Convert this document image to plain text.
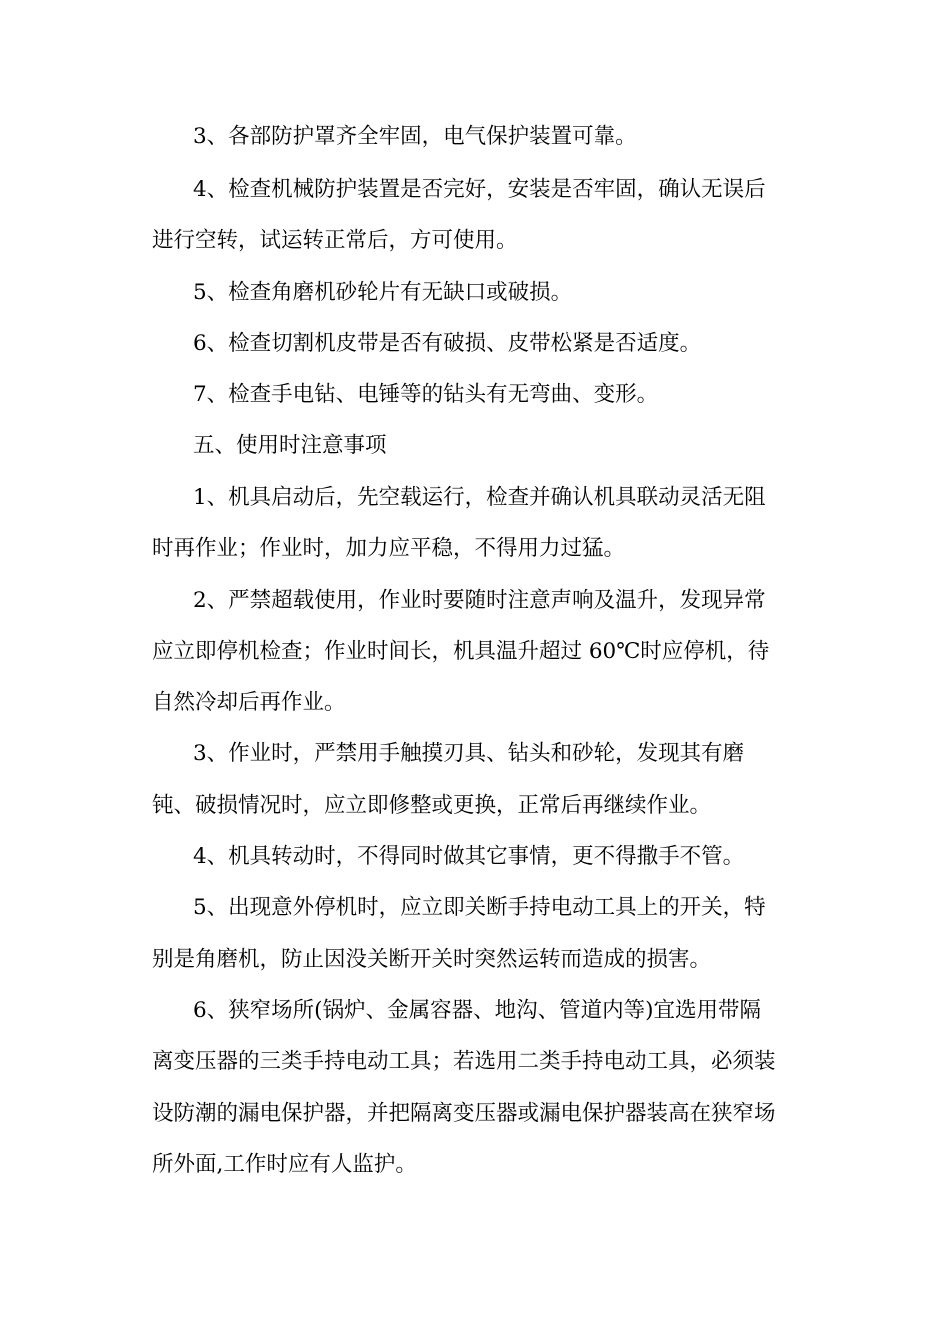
3、各部防护罩齐全牢固，电气保护装置可靠。
4、检查机械防护装置是否完好，安装是否牢固，确认无误后
进行空转，试运转正常后，方可使用。
5、检查角磨机砂轮片有无缺口或破损。
6、检查切割机皮带是否有破损、皮带松紧是否适度。
7、检查手电钻、电锤等的钻头有无弯曲、变形。
五、使用时注意事项
1、机具启动后，先空载运行，检查并确认机具联动灵活无阻
时再作业；作业时，加力应平稳，不得用力过猛。
2、严禁超载使用，作业时要随时注意声响及温升，发现异常
应立即停机检查；作业时间长，机具温升超过 60℃时应停机，待
自然冷却后再作业。
3、作业时，严禁用手触摸刃具、钻头和砂轮，发现其有磨
钝、破损情况时，应立即修整或更换，正常后再继续作业。
4、机具转动时，不得同时做其它事情，更不得撒手不管。
5、出现意外停机时，应立即关断手持电动工具上的开关，特
别是角磨机，防止因没关断开关时突然运转而造成的损害。
6、狭窄场所(锅炉、金属容器、地沟、管道内等)宜选用带隔
离变压器的三类手持电动工具；若选用二类手持电动工具，必须装
设防潮的漏电保护器，并把隔离变压器或漏电保护器装高在狭窄场
所外面,工作时应有人监护。
